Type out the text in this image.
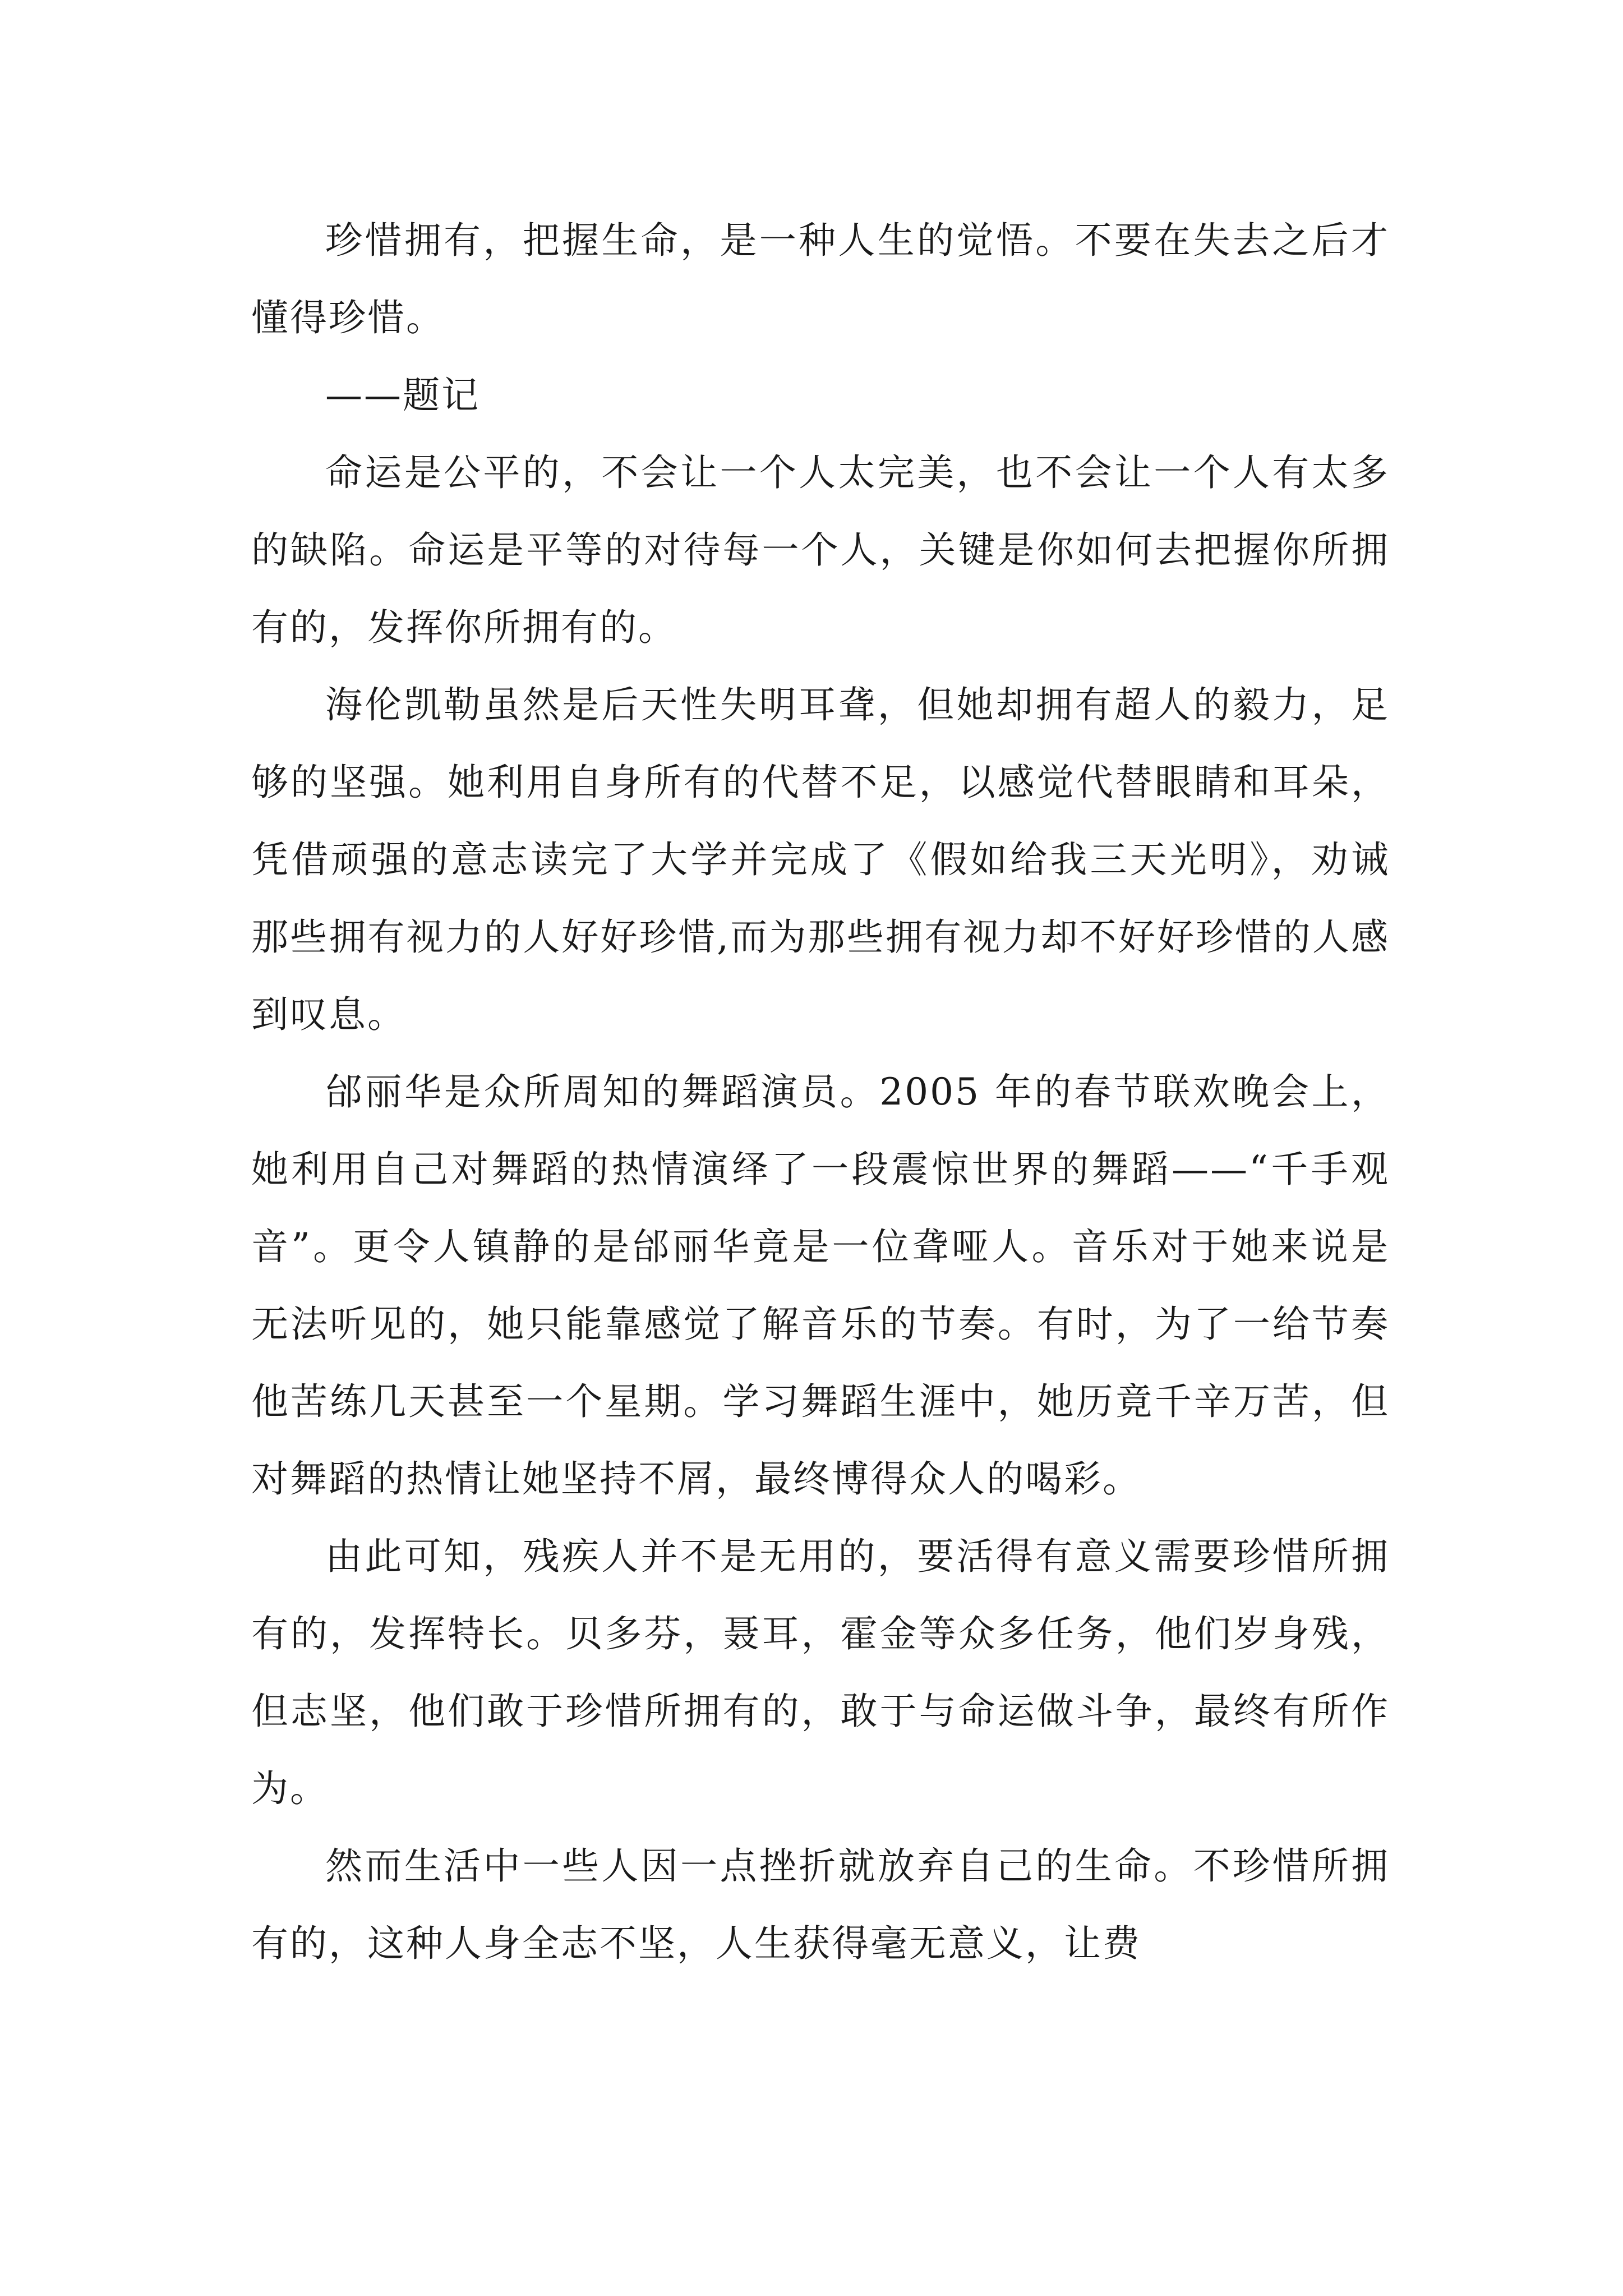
珍惜拥有，把握生命，是一种人生的觉悟。不要在失去之后才懂得珍惜。

——题记

命运是公平的，不会让一个人太完美，也不会让一个人有太多的缺陷。命运是平等的对待每一个人，关键是你如何去把握你所拥有的，发挥你所拥有的。

海伦凯勒虽然是后天性失明耳聋，但她却拥有超人的毅力，足够的坚强。她利用自身所有的代替不足，以感觉代替眼睛和耳朵，凭借顽强的意志读完了大学并完成了《假如给我三天光明》，劝诫那些拥有视力的人好好珍惜,而为那些拥有视力却不好好珍惜的人感到叹息。

邰丽华是众所周知的舞蹈演员。2005 年的春节联欢晚会上，她利用自己对舞蹈的热情演绎了一段震惊世界的舞蹈——“千手观音”。更令人镇静的是邰丽华竟是一位聋哑人。音乐对于她来说是无法听见的，她只能靠感觉了解音乐的节奏。有时，为了一给节奏他苦练几天甚至一个星期。学习舞蹈生涯中，她历竟千辛万苦，但对舞蹈的热情让她坚持不屑，最终博得众人的喝彩。

由此可知，残疾人并不是无用的，要活得有意义需要珍惜所拥有的，发挥特长。贝多芬，聂耳，霍金等众多任务，他们岁身残，但志坚，他们敢于珍惜所拥有的，敢于与命运做斗争，最终有所作为。

然而生活中一些人因一点挫折就放弃自己的生命。不珍惜所拥有的，这种人身全志不坚，人生获得毫无意义，让费
